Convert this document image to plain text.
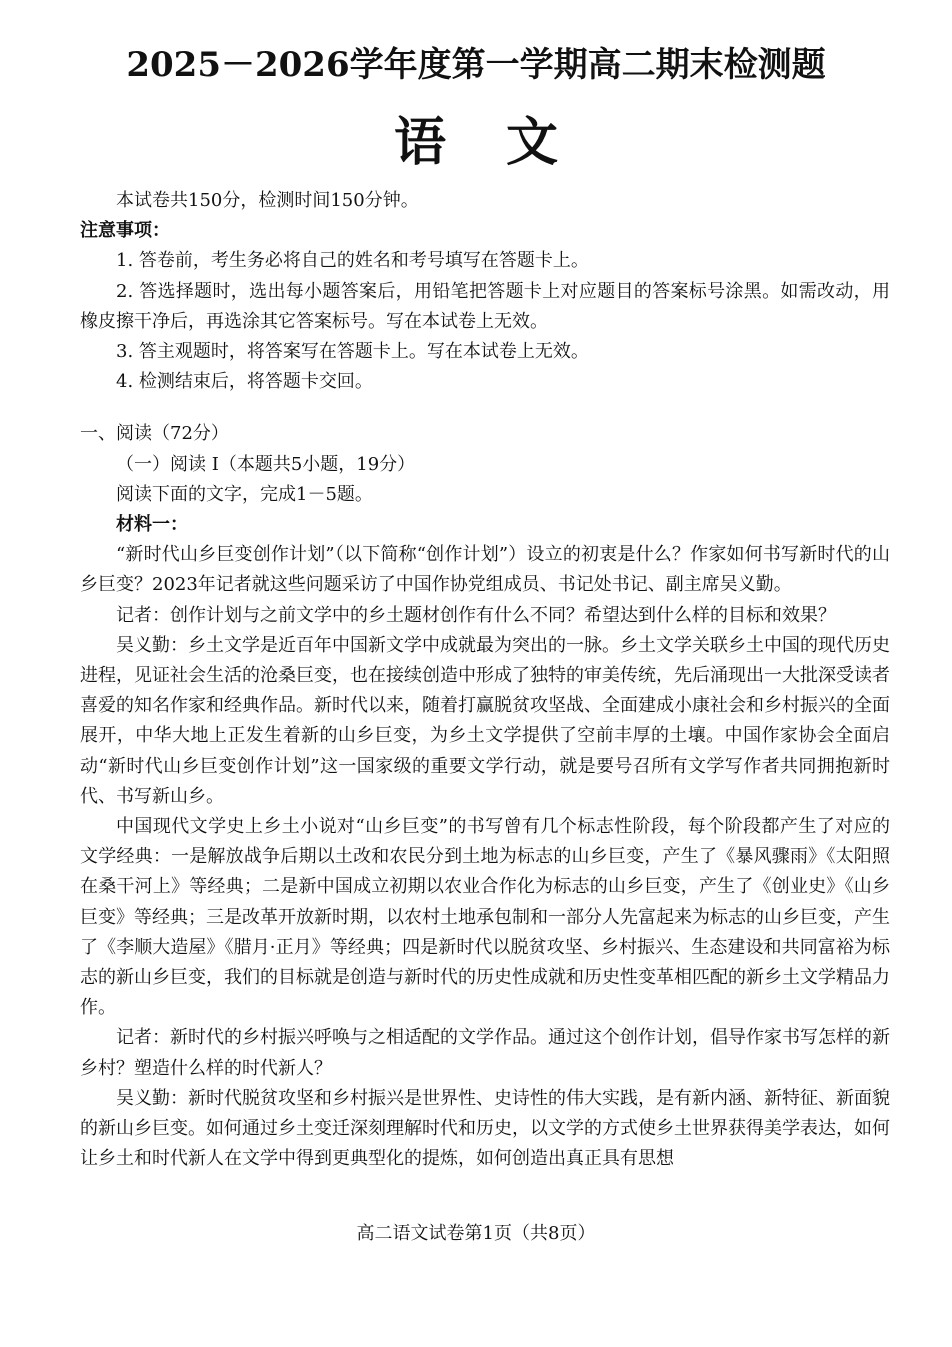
2025－2026学年度第一学期高二期末检测题
语文

本试卷共150分，检测时间150分钟。

注意事项：

1. 答卷前，考生务必将自己的姓名和考号填写在答题卡上。

2. 答选择题时，选出每小题答案后，用铅笔把答题卡上对应题目的答案标号涂黑。如需改动，用橡皮擦干净后，再选涂其它答案标号。写在本试卷上无效。

3. 答主观题时，将答案写在答题卡上。写在本试卷上无效。

4. 检测结束后，将答题卡交回。

一、阅读（72分）

（一）阅读 I（本题共5小题，19分）

阅读下面的文字，完成1－5题。

材料一：

“新时代山乡巨变创作计划”（以下简称“创作计划”）设立的初衷是什么？作家如何书写新时代的山乡巨变？2023年记者就这些问题采访了中国作协党组成员、书记处书记、副主席吴义勤。

记者：创作计划与之前文学中的乡土题材创作有什么不同？希望达到什么样的目标和效果？

吴义勤：乡土文学是近百年中国新文学中成就最为突出的一脉。乡土文学关联乡土中国的现代历史进程，见证社会生活的沧桑巨变，也在接续创造中形成了独特的审美传统，先后涌现出一大批深受读者喜爱的知名作家和经典作品。新时代以来，随着打赢脱贫攻坚战、全面建成小康社会和乡村振兴的全面展开，中华大地上正发生着新的山乡巨变，为乡土文学提供了空前丰厚的土壤。中国作家协会全面启动“新时代山乡巨变创作计划”这一国家级的重要文学行动，就是要号召所有文学写作者共同拥抱新时代、书写新山乡。

中国现代文学史上乡土小说对“山乡巨变”的书写曾有几个标志性阶段，每个阶段都产生了对应的文学经典：一是解放战争后期以土改和农民分到土地为标志的山乡巨变，产生了《暴风骤雨》《太阳照在桑干河上》等经典；二是新中国成立初期以农业合作化为标志的山乡巨变，产生了《创业史》《山乡巨变》等经典；三是改革开放新时期，以农村土地承包制和一部分人先富起来为标志的山乡巨变，产生了《李顺大造屋》《腊月·正月》等经典；四是新时代以脱贫攻坚、乡村振兴、生态建设和共同富裕为标志的新山乡巨变，我们的目标就是创造与新时代的历史性成就和历史性变革相匹配的新乡土文学精品力作。

记者：新时代的乡村振兴呼唤与之相适配的文学作品。通过这个创作计划，倡导作家书写怎样的新乡村？塑造什么样的时代新人？

吴义勤：新时代脱贫攻坚和乡村振兴是世界性、史诗性的伟大实践，是有新内涵、新特征、新面貌的新山乡巨变。如何通过乡土变迁深刻理解时代和历史，以文学的方式使乡土世界获得美学表达，如何让乡土和时代新人在文学中得到更典型化的提炼，如何创造出真正具有思想

高二语文试卷第1页（共8页）
